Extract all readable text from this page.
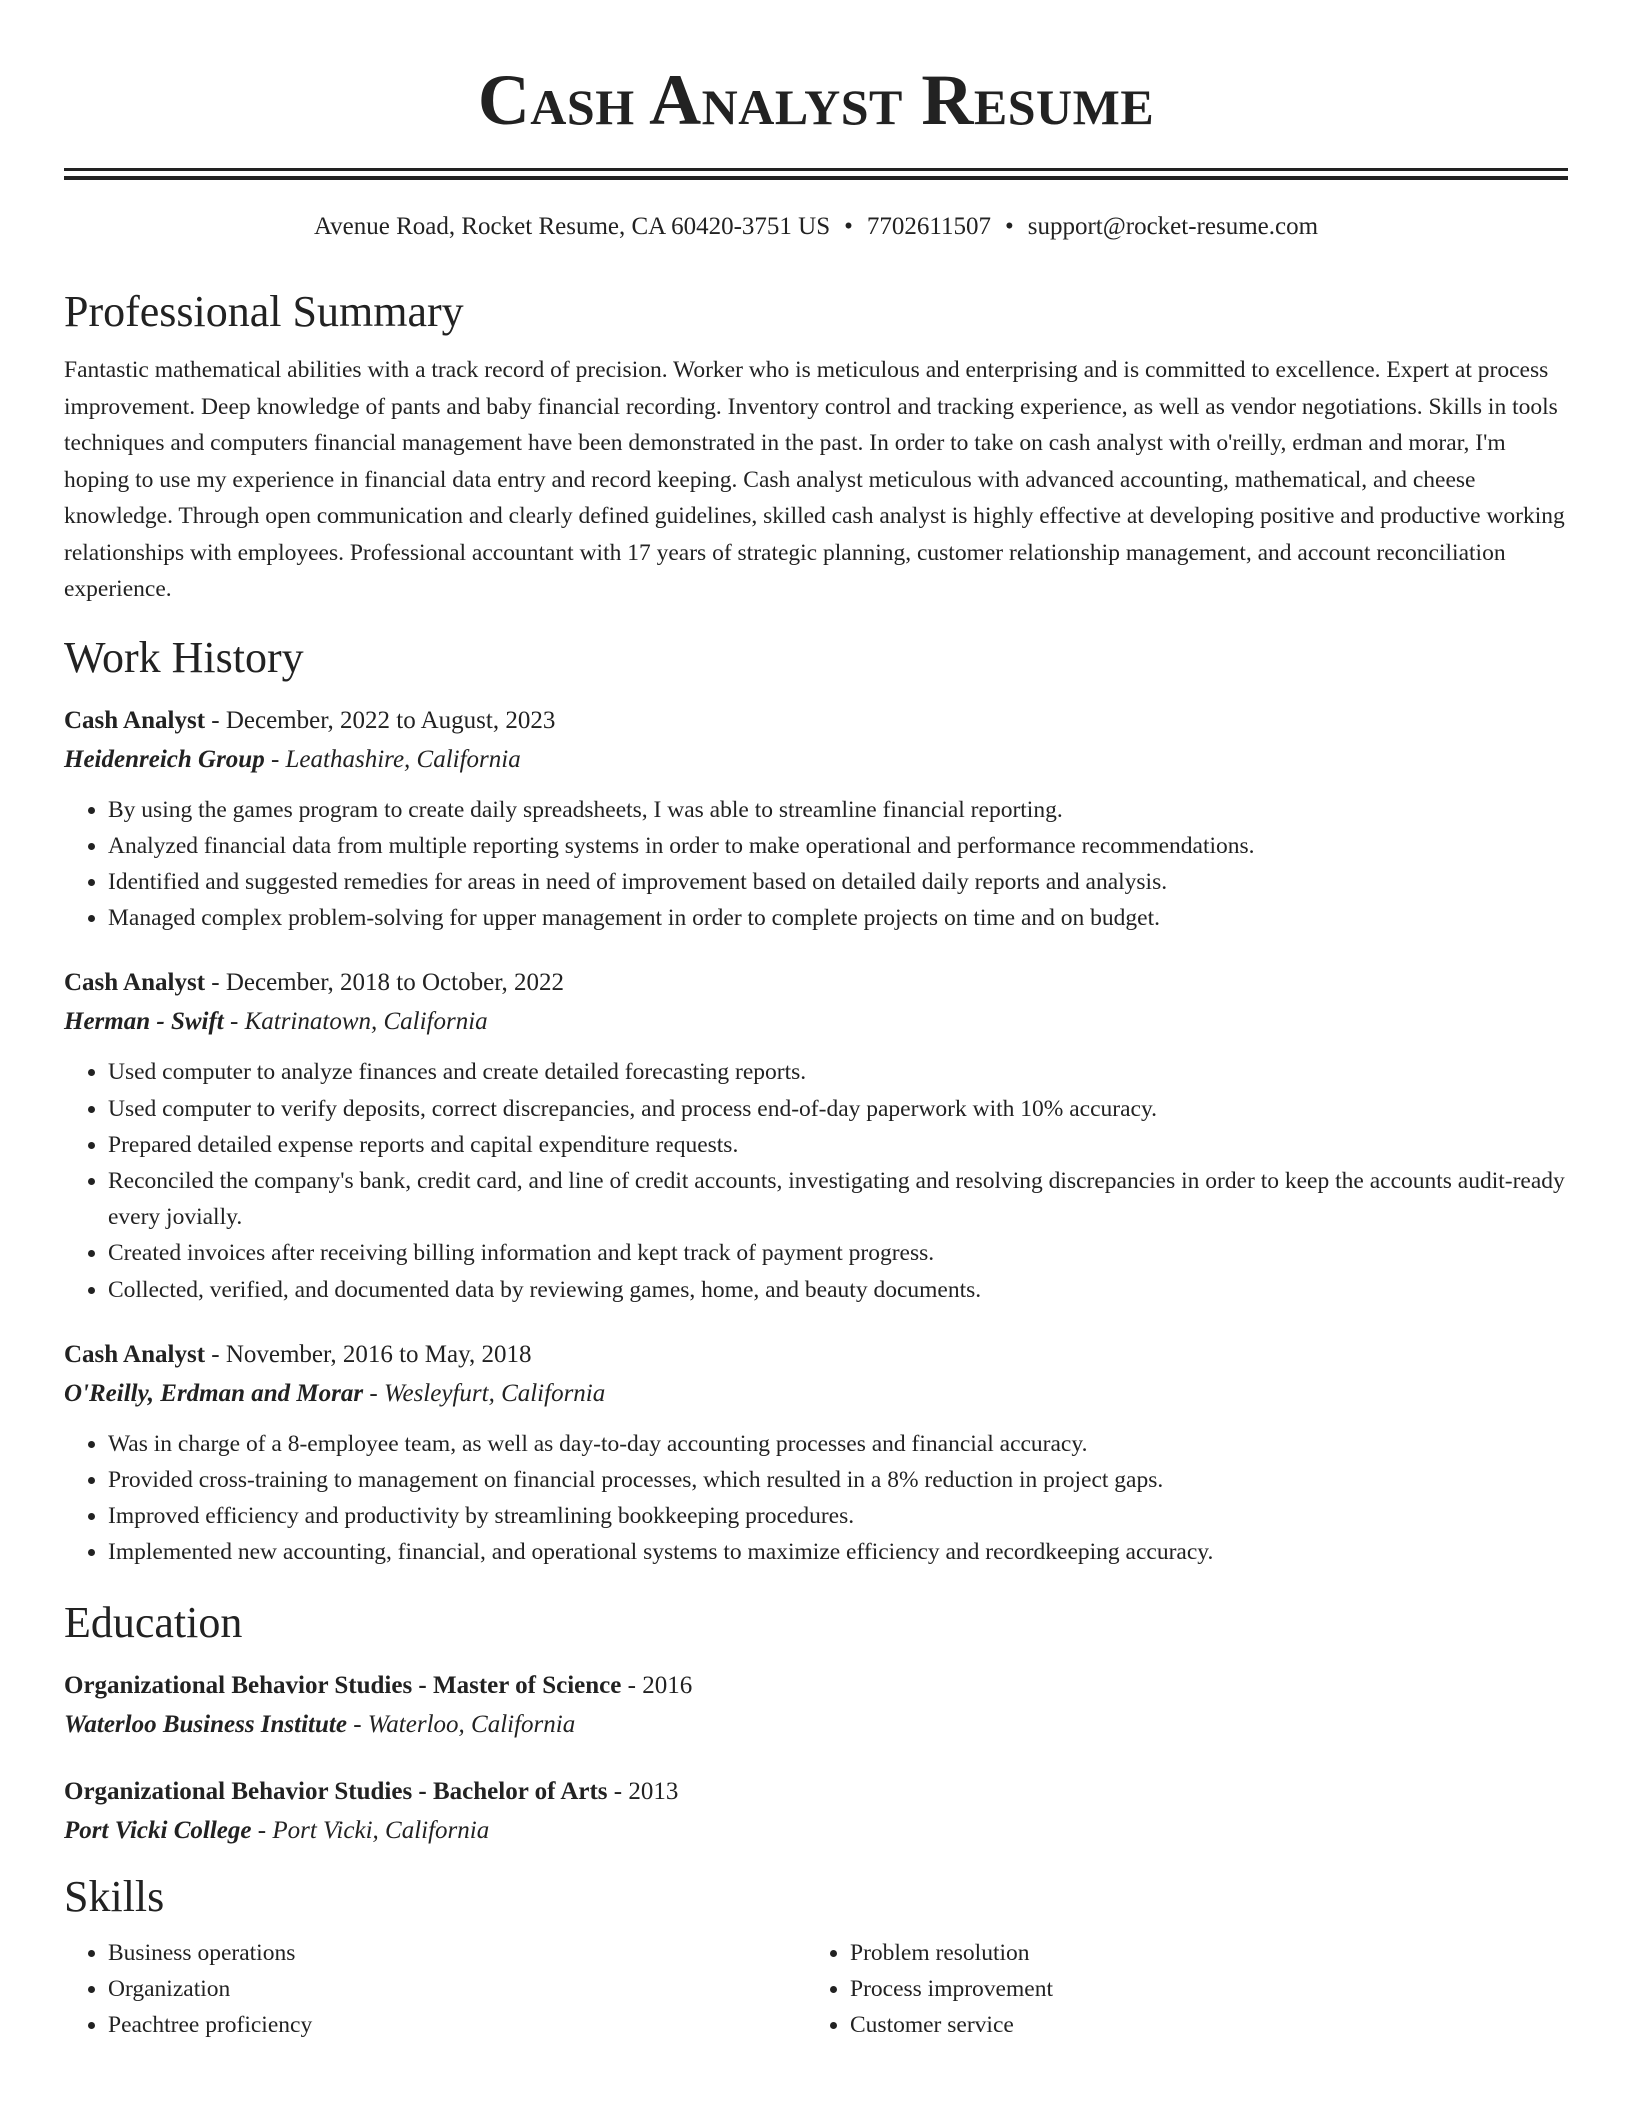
Cash Analyst Resume
Avenue Road, Rocket Resume, CA 60420-3751 US • 7702611507 • support@rocket-resume.com
Professional Summary

Fantastic mathematical abilities with a track record of precision. Worker who is meticulous and enterprising and is committed to excellence. Expert at process improvement. Deep knowledge of pants and baby financial recording. Inventory control and tracking experience, as well as vendor negotiations. Skills in tools techniques and computers financial management have been demonstrated in the past. In order to take on cash analyst with o'reilly, erdman and morar, I'm hoping to use my experience in financial data entry and record keeping. Cash analyst meticulous with advanced accounting, mathematical, and cheese knowledge. Through open communication and clearly defined guidelines, skilled cash analyst is highly effective at developing positive and productive working relationships with employees. Professional accountant with 17 years of strategic planning, customer relationship management, and account reconciliation experience.

Work History
Cash Analyst - December, 2022 to August, 2023
Heidenreich Group - Leathashire, California
• By using the games program to create daily spreadsheets, I was able to streamline financial reporting.
• Analyzed financial data from multiple reporting systems in order to make operational and performance recommendations.
• Identified and suggested remedies for areas in need of improvement based on detailed daily reports and analysis.
• Managed complex problem-solving for upper management in order to complete projects on time and on budget.
Cash Analyst - December, 2018 to October, 2022
Herman - Swift - Katrinatown, California
• Used computer to analyze finances and create detailed forecasting reports.
• Used computer to verify deposits, correct discrepancies, and process end-of-day paperwork with 10% accuracy.
• Prepared detailed expense reports and capital expenditure requests.
• Reconciled the company's bank, credit card, and line of credit accounts, investigating and resolving discrepancies in order to keep the accounts audit-ready every jovially.
• Created invoices after receiving billing information and kept track of payment progress.
• Collected, verified, and documented data by reviewing games, home, and beauty documents.
Cash Analyst - November, 2016 to May, 2018
O'Reilly, Erdman and Morar - Wesleyfurt, California
• Was in charge of a 8-employee team, as well as day-to-day accounting processes and financial accuracy.
• Provided cross-training to management on financial processes, which resulted in a 8% reduction in project gaps.
• Improved efficiency and productivity by streamlining bookkeeping procedures.
• Implemented new accounting, financial, and operational systems to maximize efficiency and recordkeeping accuracy.
Education
Organizational Behavior Studies - Master of Science - 2016
Waterloo Business Institute - Waterloo, California
Organizational Behavior Studies - Bachelor of Arts - 2013
Port Vicki College - Port Vicki, California
Skills
• Business operations
• Organization
• Peachtree proficiency
• Problem resolution
• Process improvement
• Customer service
